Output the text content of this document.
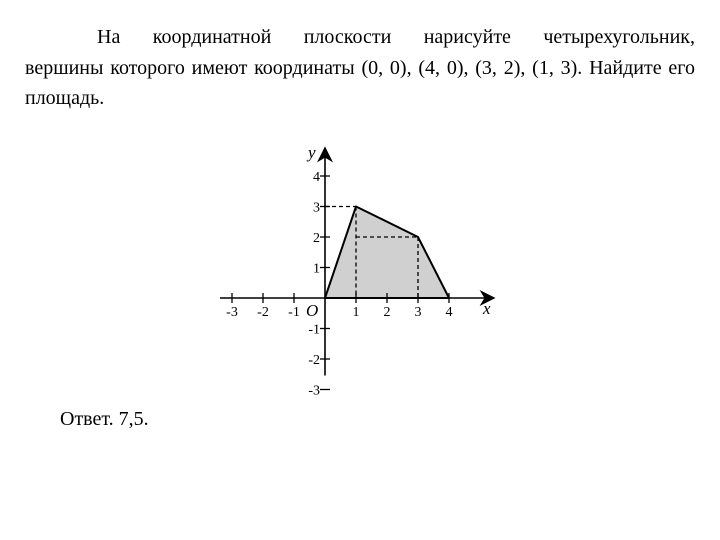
На координатной плоскости нарисуйте четырехугольник,
вершины которого имеют координаты (0, 0), (4, 0), (3, 2), (1, 3). Найдите его площадь.
-3 -2 -1	1 2 3 4
4
3
2
1
-1
-2
-3
x
y
O
Ответ. 7,5.
